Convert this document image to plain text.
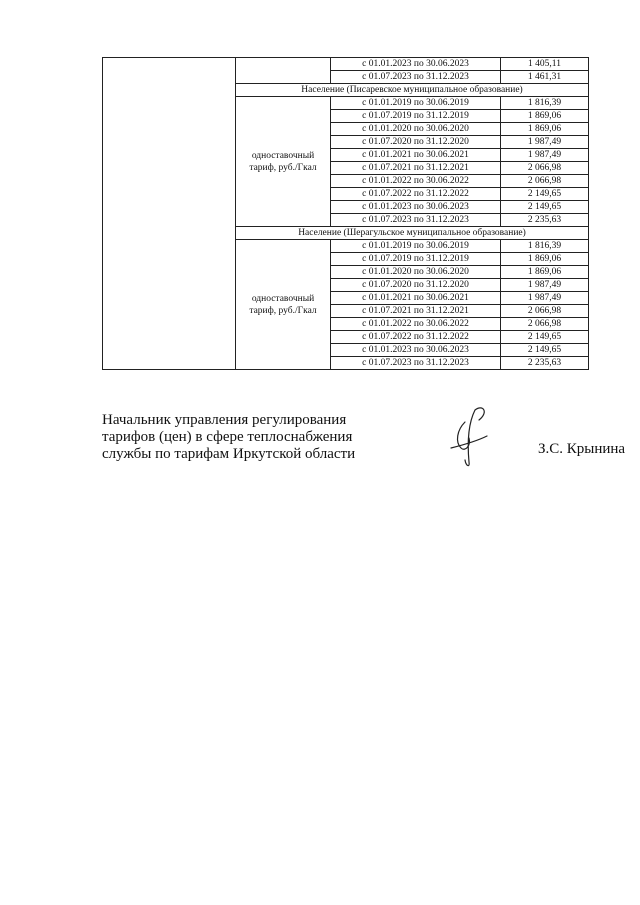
		с 01.01.2023 по 30.06.2023	1 405,11
		с 01.07.2023 по 31.12.2023	1 461,31
	Население (Писаревское муниципальное образование)		
	одноставочный тариф, руб./Гкал	с 01.01.2019 по 30.06.2019	1 816,39
		с 01.07.2019 по 31.12.2019	1 869,06
		с 01.01.2020 по 30.06.2020	1 869,06
		с 01.07.2020 по 31.12.2020	1 987,49
		с 01.01.2021 по 30.06.2021	1 987,49
		с 01.07.2021 по 31.12.2021	2 066,98
		с 01.01.2022 по 30.06.2022	2 066,98
		с 01.07.2022 по 31.12.2022	2 149,65
		с 01.01.2023 по 30.06.2023	2 149,65
		с 01.07.2023 по 31.12.2023	2 235,63
	Население (Шерагульское муниципальное образование)		
	одноставочный тариф, руб./Гкал	с 01.01.2019 по 30.06.2019	1 816,39
		с 01.07.2019 по 31.12.2019	1 869,06
		с 01.01.2020 по 30.06.2020	1 869,06
		с 01.07.2020 по 31.12.2020	1 987,49
		с 01.01.2021 по 30.06.2021	1 987,49
		с 01.07.2021 по 31.12.2021	2 066,98
		с 01.01.2022 по 30.06.2022	2 066,98
		с 01.07.2022 по 31.12.2022	2 149,65
		с 01.01.2023 по 30.06.2023	2 149,65
		с 01.07.2023 по 31.12.2023	2 235,63
Начальник управления регулирования
тарифов (цен) в сфере теплоснабжения
службы по тарифам Иркутской области	З.С. Крынина
